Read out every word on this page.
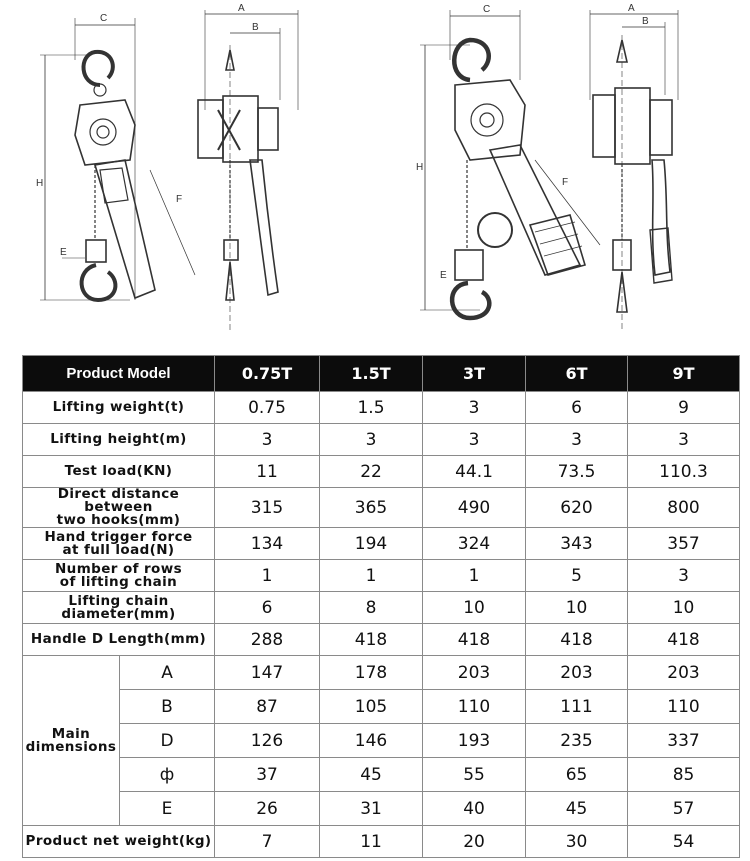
C
H
F
E
A
B
C
H
F
E
A
B
Product Model		0.75T	1.5T	3T	6T	9T
Lifting weight(t)		0.75	1.5	3	6	9
Lifting height(m)		3	3	3	3	3
Test load(KN)		11	22	44.1	73.5	110.3
Direct distance between
two hooks(mm)		315	365	490	620	800
Hand trigger force
at full load(N)		134	194	324	343	357
Number of rows
of lifting chain		1	1	1	5	3
Lifting chain
diameter(mm)		6	8	10	10	10
Handle D Length(mm)		288	418	418	418	418
Main
dimensions	A	147	178	203	203	203
	B	87	105	110	111	110
	D	126	146	193	235	337
	ф	37	45	55	65	85
	E	26	31	40	45	57
Product net weight(kg)		7	11	20	30	54
